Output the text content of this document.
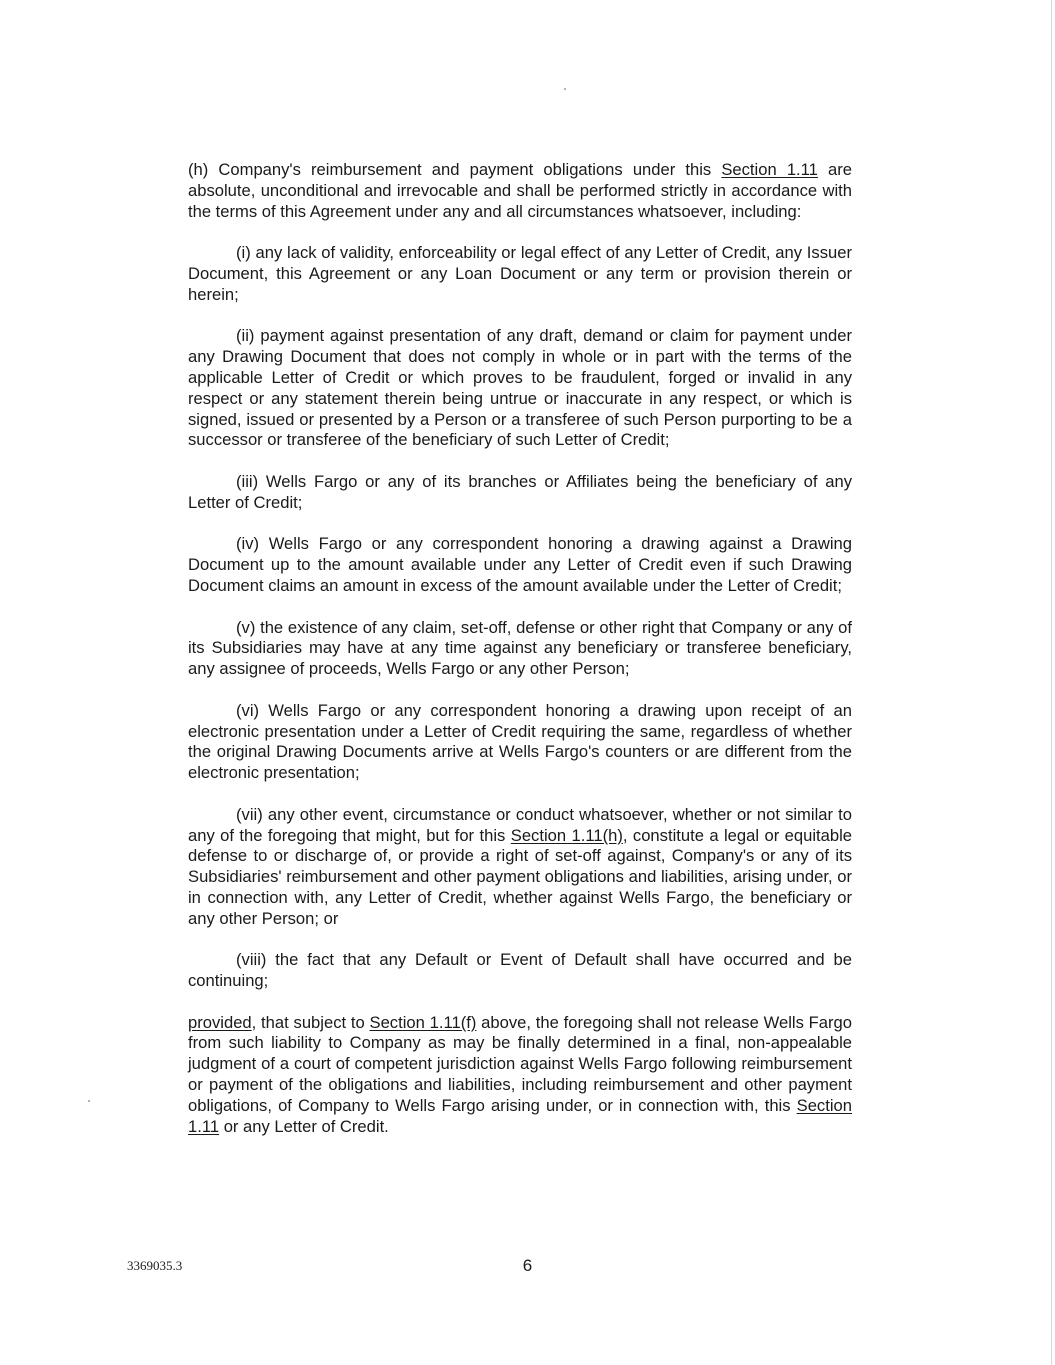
(h) Company's reimbursement and payment obligations under this Section 1.11 are absolute, unconditional and irrevocable and shall be performed strictly in accordance with the terms of this Agreement under any and all circumstances whatsoever, including:

(i) any lack of validity, enforceability or legal effect of any Letter of Credit, any Issuer Document, this Agreement or any Loan Document or any term or provision therein or herein;

(ii) payment against presentation of any draft, demand or claim for payment under any Drawing Document that does not comply in whole or in part with the terms of the applicable Letter of Credit or which proves to be fraudulent, forged or invalid in any respect or any statement therein being untrue or inaccurate in any respect, or which is signed, issued or presented by a Person or a transferee of such Person purporting to be a successor or transferee of the beneficiary of such Letter of Credit;

(iii) Wells Fargo or any of its branches or Affiliates being the beneficiary of any Letter of Credit;

(iv) Wells Fargo or any correspondent honoring a drawing against a Drawing Document up to the amount available under any Letter of Credit even if such Drawing Document claims an amount in excess of the amount available under the Letter of Credit;

(v) the existence of any claim, set-off, defense or other right that Company or any of its Subsidiaries may have at any time against any beneficiary or transferee beneficiary, any assignee of proceeds, Wells Fargo or any other Person;

(vi) Wells Fargo or any correspondent honoring a drawing upon receipt of an electronic presentation under a Letter of Credit requiring the same, regardless of whether the original Drawing Documents arrive at Wells Fargo's counters or are different from the electronic presentation;

(vii) any other event, circumstance or conduct whatsoever, whether or not similar to any of the foregoing that might, but for this Section 1.11(h), constitute a legal or equitable defense to or discharge of, or provide a right of set-off against, Company's or any of its Subsidiaries' reimbursement and other payment obligations and liabilities, arising under, or in connection with, any Letter of Credit, whether against Wells Fargo, the beneficiary or any other Person; or

(viii) the fact that any Default or Event of Default shall have occurred and be continuing;

provided, that subject to Section 1.11(f) above, the foregoing shall not release Wells Fargo from such liability to Company as may be finally determined in a final, non-appealable judgment of a court of competent jurisdiction against Wells Fargo following reimbursement or payment of the obligations and liabilities, including reimbursement and other payment obligations, of Company to Wells Fargo arising under, or in connection with, this Section 1.11 or any Letter of Credit.

3369035.3	6
